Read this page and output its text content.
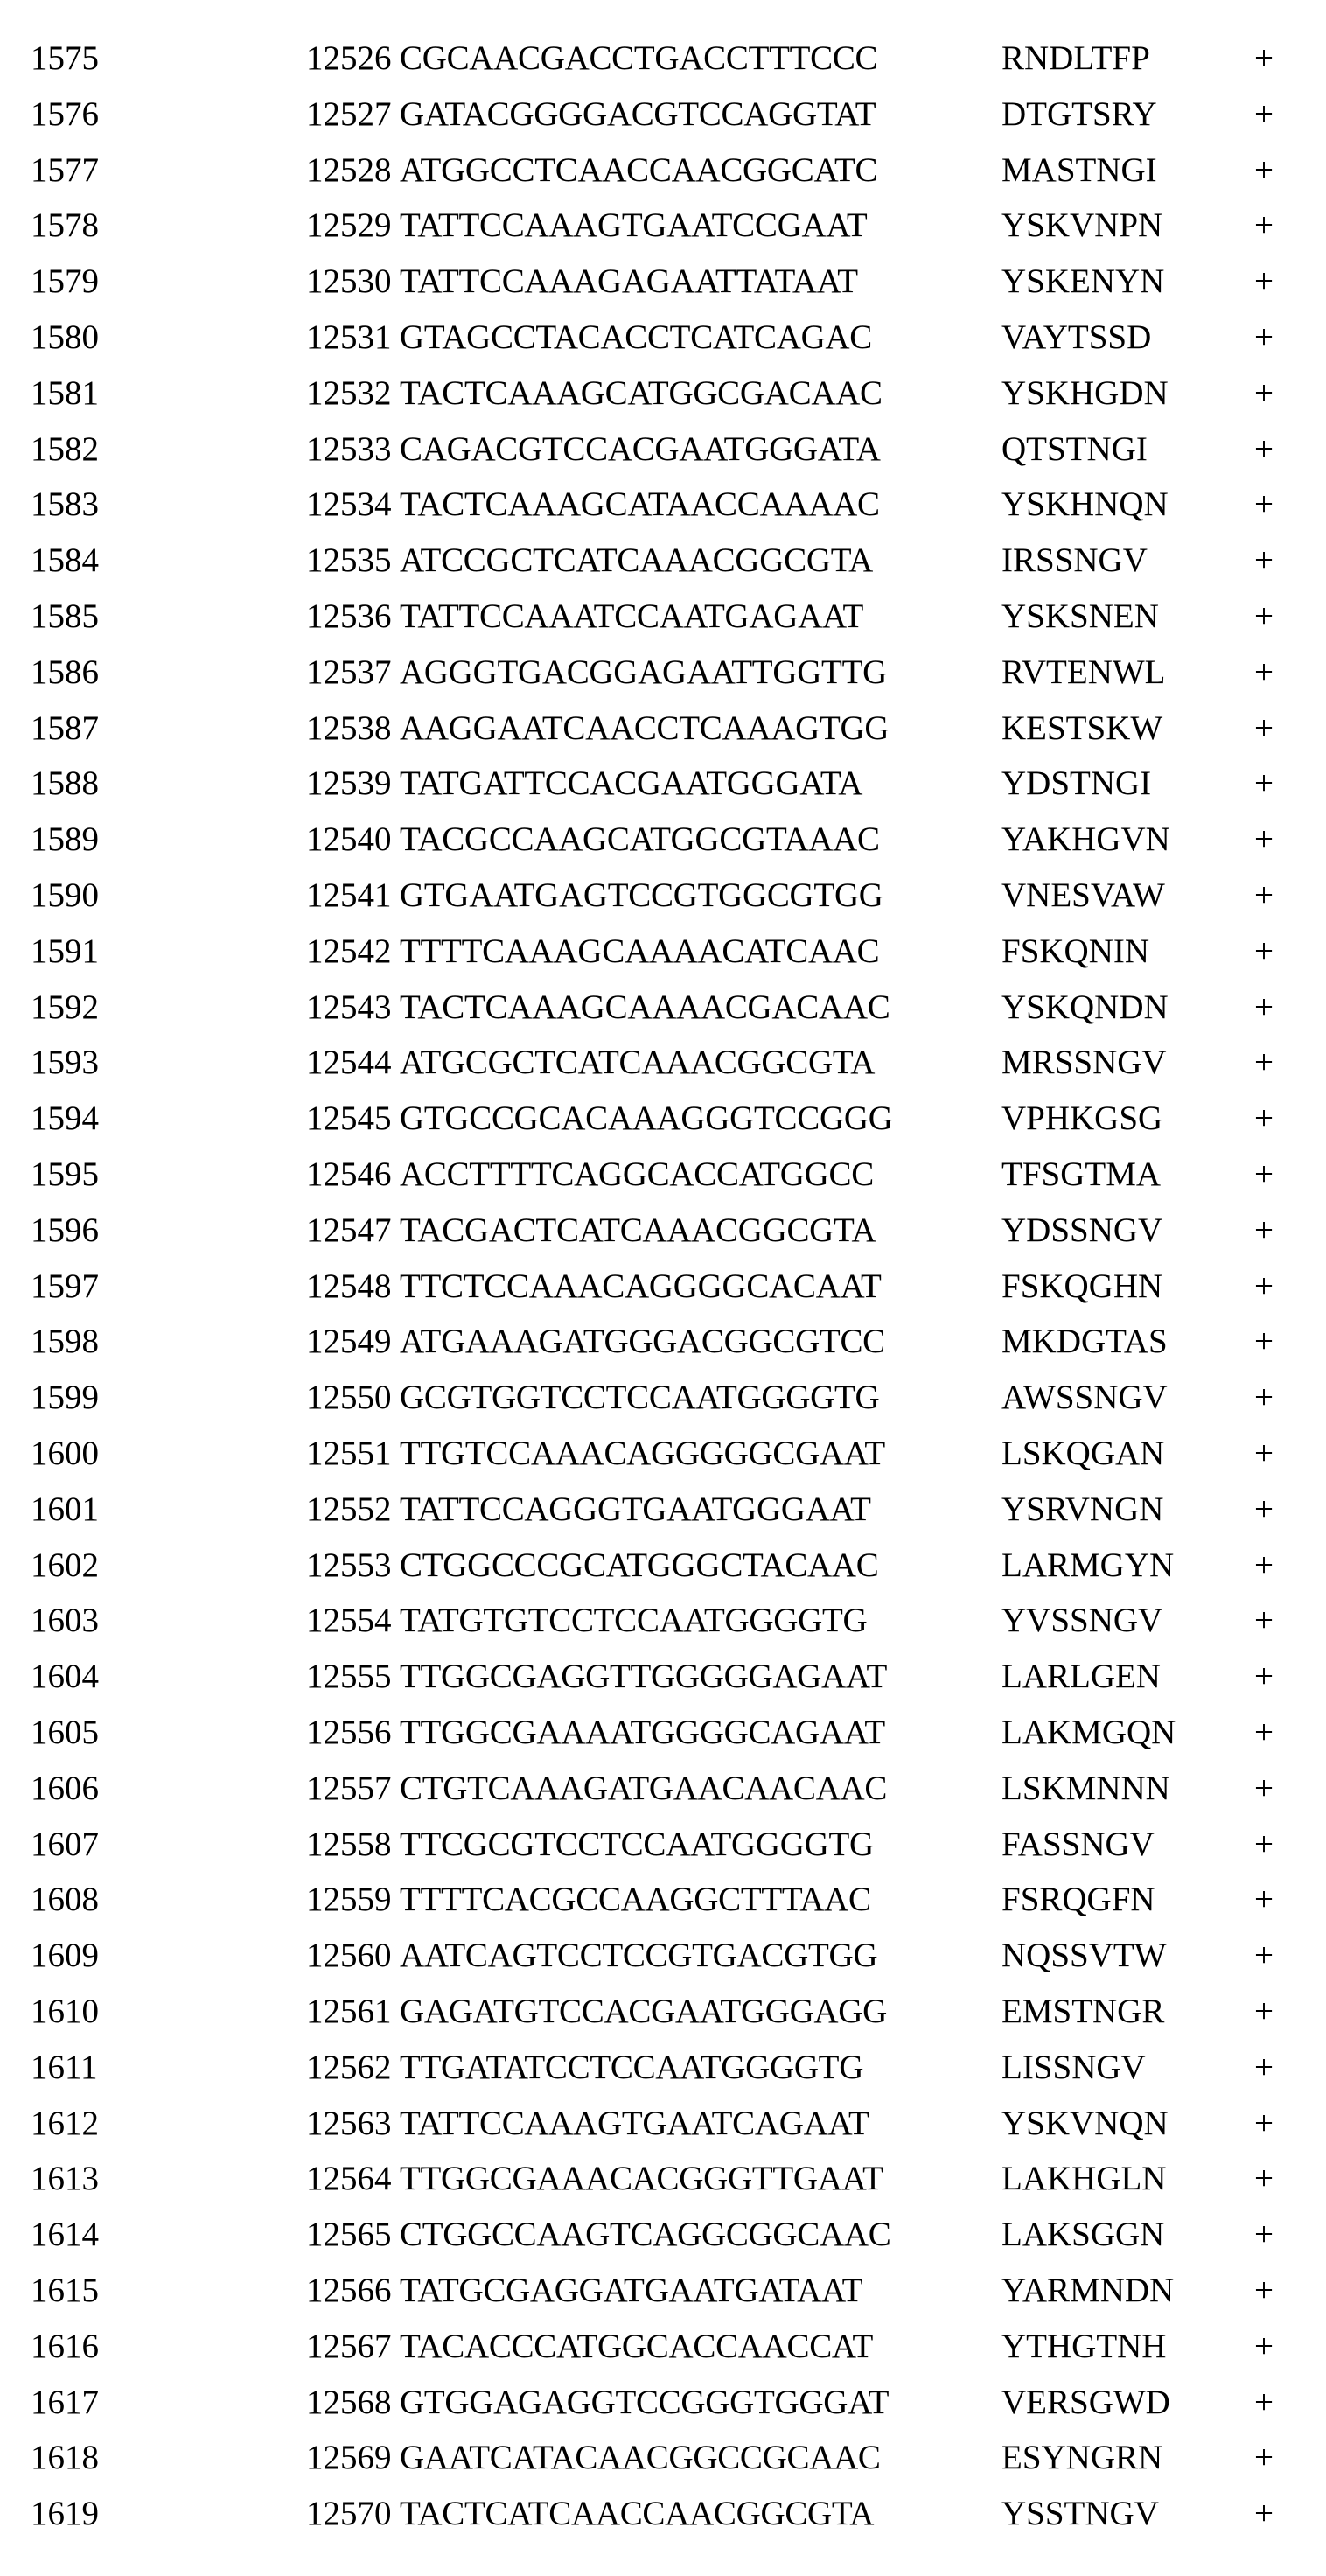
1575	12526 CGCAACGACCTGACCTTTCCC	RNDLTFP	+
1576	12527 GATACGGGGACGTCCAGGTAT	DTGTSRY	+
1577	12528 ATGGCCTCAACCAACGGCATC	MASTNGI	+
1578	12529 TATTCCAAAGTGAATCCGAAT	YSKVNPN	+
1579	12530 TATTCCAAAGAGAATTATAAT	YSKENYN	+
1580	12531 GTAGCCTACACCTCATCAGAC	VAYTSSD	+
1581	12532 TACTCAAAGCATGGCGACAAC	YSKHGDN	+
1582	12533 CAGACGTCCACGAATGGGATA	QTSTNGI	+
1583	12534 TACTCAAAGCATAACCAAAAC	YSKHNQN	+
1584	12535 ATCCGCTCATCAAACGGCGTA	IRSSNGV	+
1585	12536 TATTCCAAATCCAATGAGAAT	YSKSNEN	+
1586	12537 AGGGTGACGGAGAATTGGTTG	RVTENWL	+
1587	12538 AAGGAATCAACCTCAAAGTGG	KESTSKW	+
1588	12539 TATGATTCCACGAATGGGATA	YDSTNGI	+
1589	12540 TACGCCAAGCATGGCGTAAAC	YAKHGVN +
1590	12541 GTGAATGAGTCCGTGGCGTGG	VNESVAW	+
1591	12542 TTTTCAAAGCAAAACATCAAC	FSKQNIN	+
1592	12543 TACTCAAAGCAAAACGACAAC	YSKQNDN	+
1593	12544 ATGCGCTCATCAAACGGCGTA	MRSSNGV	+
1594	12545 GTGCCGCACAAAGGGTCCGGG	VPHKGSG	+
1595	12546 ACCTTTTCAGGCACCATGGCC	TFSGTMA	+
1596	12547 TACGACTCATCAAACGGCGTA	YDSSNGV	+
1597	12548 TTCTCCAAACAGGGGCACAAT	FSKQGHN	+
1598	12549 ATGAAAGATGGGACGGCGTCC	MKDGTAS	+
1599	12550 GCGTGGTCCTCCAATGGGGTG	AWSSNGV	+
1600	12551 TTGTCCAAACAGGGGGCGAAT	LSKQGAN	+
1601	12552 TATTCCAGGGTGAATGGGAAT	YSRVNGN	+
1602	12553 CTGGCCCGCATGGGCTACAAC	LARMGYN +
1603	12554 TATGTGTCCTCCAATGGGGTG	YVSSNGV	+
1604	12555 TTGGCGAGGTTGGGGGAGAAT	LARLGEN	+
1605	12556 TTGGCGAAAATGGGGCAGAAT	LAKMGQN +
1606	12557 CTGTCAAAGATGAACAACAAC	LSKMNNN +
1607	12558 TTCGCGTCCTCCAATGGGGTG	FASSNGV	+
1608	12559 TTTTCACGCCAAGGCTTTAAC	FSRQGFN	+
1609	12560 AATCAGTCCTCCGTGACGTGG	NQSSVTW	+
1610	12561 GAGATGTCCACGAATGGGAGG	EMSTNGR	+
1611	12562 TTGATATCCTCCAATGGGGTG	LISSNGV	+
1612	12563 TATTCCAAAGTGAATCAGAAT	YSKVNQN	+
1613	12564 TTGGCGAAACACGGGTTGAAT	LAKHGLN	+
1614	12565 CTGGCCAAGTCAGGCGGCAAC	LAKSGGN	+
1615	12566 TATGCGAGGATGAATGATAAT	YARMNDN +
1616	12567 TACACCCATGGCACCAACCAT	YTHGTNH	+
1617	12568 GTGGAGAGGTCCGGGTGGGAT	VERSGWD +
1618	12569 GAATCATACAACGGCCGCAAC	ESYNGRN	+
1619	12570 TACTCATCAACCAACGGCGTA	YSSTNGV	+
